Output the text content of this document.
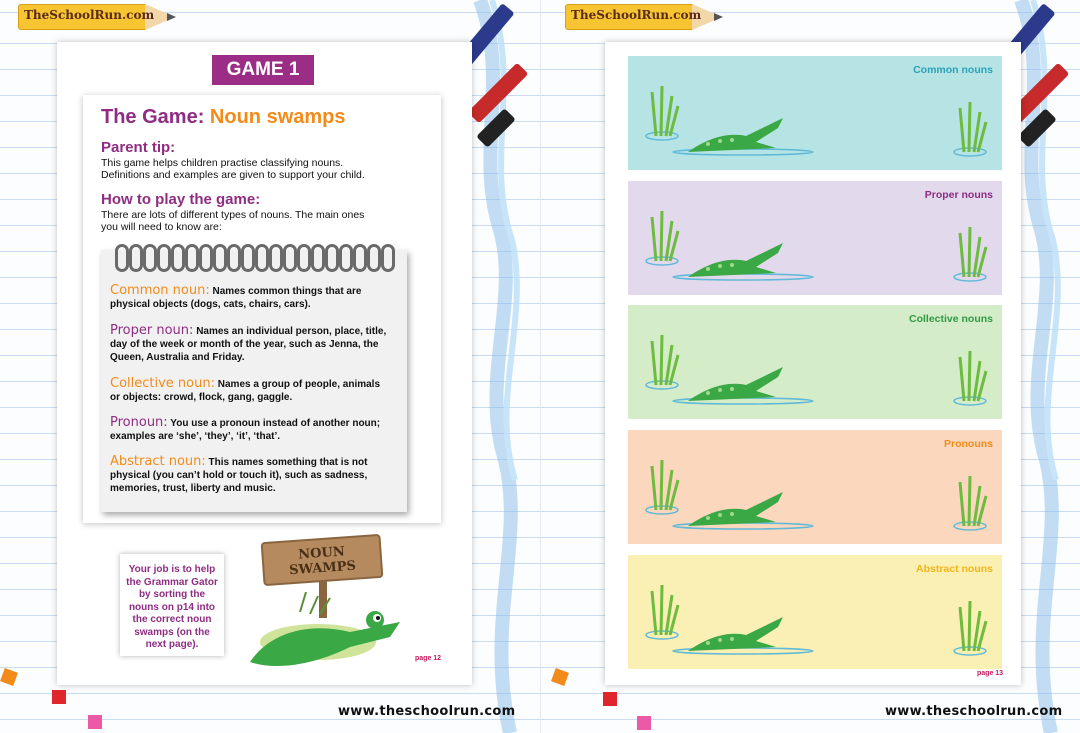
TheSchoolRun.com
GAME 1
The Game: Noun swamps
Parent tip:
This game helps children practise classifying nouns.
Definitions and examples are given to support your child.
How to play the game:
There are lots of different types of nouns. The main ones
you will need to know are:
Common noun: Names common things that are physical objects (dogs, cats, chairs, cars).
Proper noun: Names an individual person, place, title, day of the week or month of the year, such as Jenna, the Queen, Australia and Friday.
Collective noun: Names a group of people, animals or objects: crowd, flock, gang, gaggle.
Pronoun: You use a pronoun instead of another noun; examples are ‘she’, ‘they’, ‘it’, ‘that’.
Abstract noun: This names something that is not physical (you can’t hold or touch it), such as sadness, memories, trust, liberty and music.
Your job is to help the Grammar Gator by sorting the nouns on p14 into the correct noun swamps (on the next page).
NOUN
SWAMPS
page 12
www.theschoolrun.com
TheSchoolRun.com
page 13
www.theschoolrun.com
Common nouns
Proper nouns
Collective nouns
Pronouns
Abstract nouns
